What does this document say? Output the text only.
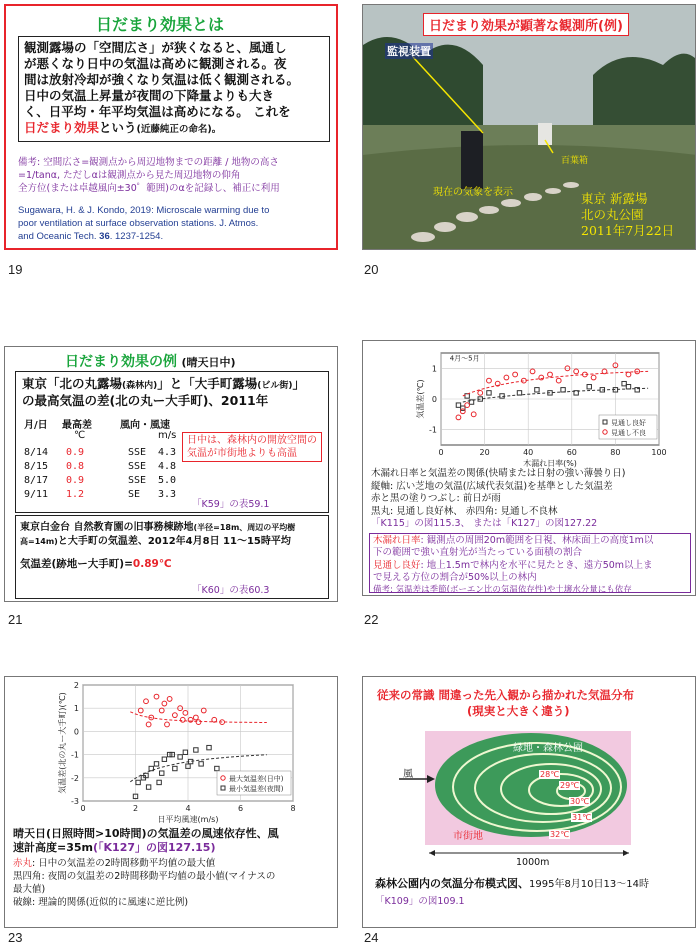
日だまり効果とは
観測露場の「空間広さ」が狭くなると、風通し
が悪くなり日中の気温は高めに観測される。夜
間は放射冷却が強くなり気温は低く観測される。
日中の気温上昇量が夜間の下降量よりも大き
く、日平均・年平均気温は高めになる。 これを
日だまり効果という(近藤純正の命名)。
備考: 空間広さ=観測点から周辺地物までの距離 / 地物の高さ
=1/tanα, ただしαは観測点から見た周辺地物の仰角
全方位(または卓越風向±30゜範囲)のαを記録し、補正に利用
Sugawara, H. & J. Kondo, 2019: Microscale warming due to
poor ventilation at surface observation stations. J. Atmos.
and Oceanic Tech. 36. 1237-1254.
19
日だまり効果が顕著な観測所(例)
監視装置
百葉箱
現在の気象を表示	東京 新露場
北の丸公園
2011年7月22日
20
日だまり効果の例 (晴天日中)
東京「北の丸露場(森林内)」と「大手町露場(ビル街)」
の最高気温の差(北の丸ー大手町)、2011年
月/日 最高差	風向・風速
℃	m/s
8/14 0.9	SSE 4.3
8/15 0.8	SSE 4.8
8/17 0.9	SSE 5.0
9/11 1.2	SE 3.3
日中は、森林内の開放空間の
気温が市街地よりも高温
「K59」の表59.1
東京白金台 自然教育園の旧事務棟跡地(半径=18m、周辺の平均樹
高=14m)と大手町の気温差、2012年4月8日 11～15時平均
気温差(跡地ー大手町)=0.89℃
「K60」の表60.3
21
0	20	40	60	80	100
-1
0
1
木漏れ日率(%)
気温差(℃)
見通し良好
見通し不良
4月～5月
木漏れ日率と気温差の関係(快晴または日射の強い薄曇り日)
縦軸: 広い芝地の気温(広域代表気温)を基準とした気温差
赤と黒の塗りつぶし: 前日が雨
黒丸: 見通し良好林、 赤四角: 見通し不良林
「K115」の図115.3、 または「K127」の図127.22
木漏れ日率: 観測点の周囲20m範囲を日視、林床面上の高度1m以
下の範囲で強い直射光が当たっている面積の割合
見通し良好: 地上1.5mで林内を水平に見たとき、遠方50m以上ま
で見える方位の割合が50%以上の林内
備考: 気温差は季節(ボーエン比の気温依存性)や土壌水分量にも依存
22
0	2	4	6	8
-3
-2
-1
0
1
2
日平均風速(m/s)
気温差(北の丸ー大手町)(℃)	最大気温差(日中)
最小気温差(夜間)
晴天日(日照時間>10時間)の気温差の風速依存性、風
速計高度=35m(「K127」の図127.15)
赤丸: 日中の気温差の2時間移動平均値の最大値
黒四角: 夜間の気温差の2時間移動平均値の最小値(マイナスの
最大値)
破線: 理論的関係(近似的に風速に逆比例)
23
従来の常識 間違った先入観から描かれた気温分布
(現実と大きく違う)
緑地・森林公園
風
市街地
28℃
29℃
30℃
31℃
32℃
1000m
森林公園内の気温分布模式図、1995年8月10日13～14時
「K109」の図109.1
24
